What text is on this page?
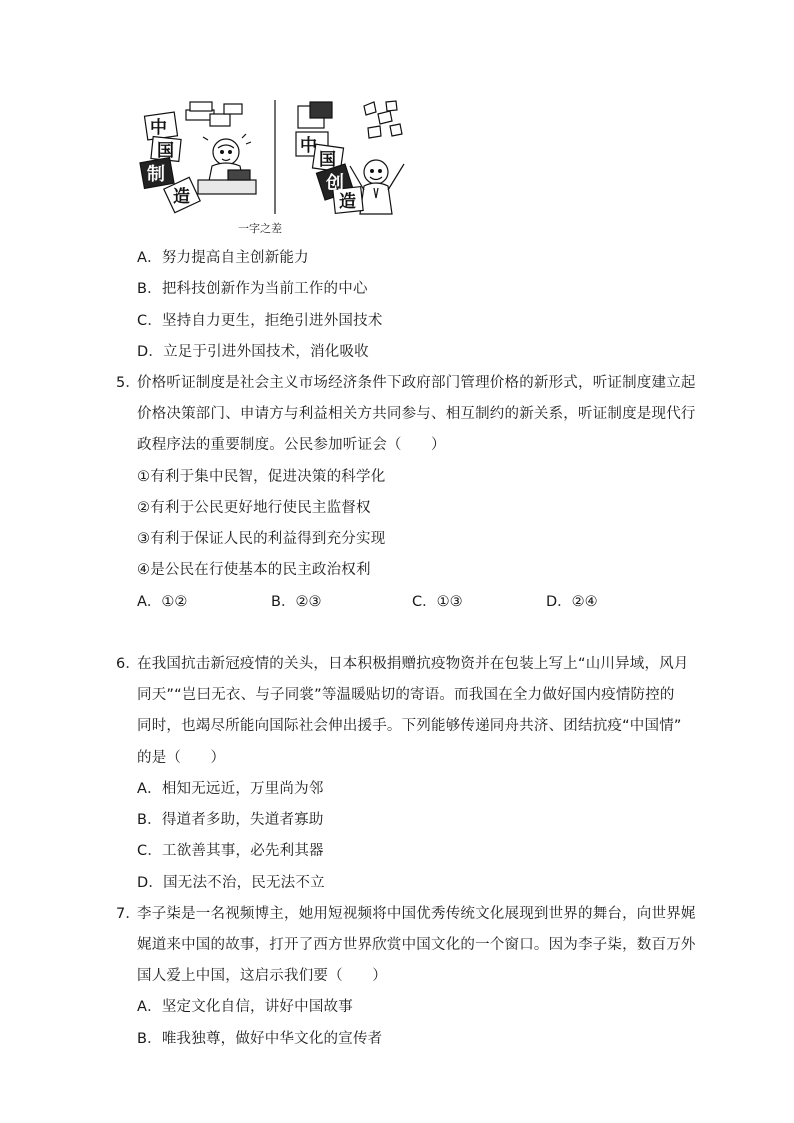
中
国
制
造
中
国
创
造
一字之差
A．努力提高自主创新能力
B．把科技创新作为当前工作的中心
C．坚持自力更生，拒绝引进外国技术
D．立足于引进外国技术，消化吸收
5．价格听证制度是社会主义市场经济条件下政府部门管理价格的新形式，听证制度建立起
价格决策部门、申请方与利益相关方共同参与、相互制约的新关系，听证制度是现代行
政程序法的重要制度。公民参加听证会（　　）
①有利于集中民智，促进决策的科学化
②有利于公民更好地行使民主监督权
③有利于保证人民的利益得到充分实现
④是公民在行使基本的民主政治权利
A．①②	B．②③	C．①③	D．②④
6．在我国抗击新冠疫情的关头，日本积极捐赠抗疫物资并在包装上写上“山川异域，风月
同天”“岂曰无衣、与子同裳”等温暖贴切的寄语。而我国在全力做好国内疫情防控的
同时，也竭尽所能向国际社会伸出援手。下列能够传递同舟共济、团结抗疫“中国情”
的是（　　）
A．相知无远近，万里尚为邻
B．得道者多助，失道者寡助
C．工欲善其事，必先利其器
D．国无法不治，民无法不立
7．李子柒是一名视频博主，她用短视频将中国优秀传统文化展现到世界的舞台，向世界娓
娓道来中国的故事，打开了西方世界欣赏中国文化的一个窗口。因为李子柒，数百万外
国人爱上中国，这启示我们要（　　）
A．坚定文化自信，讲好中国故事
B．唯我独尊，做好中华文化的宣传者
